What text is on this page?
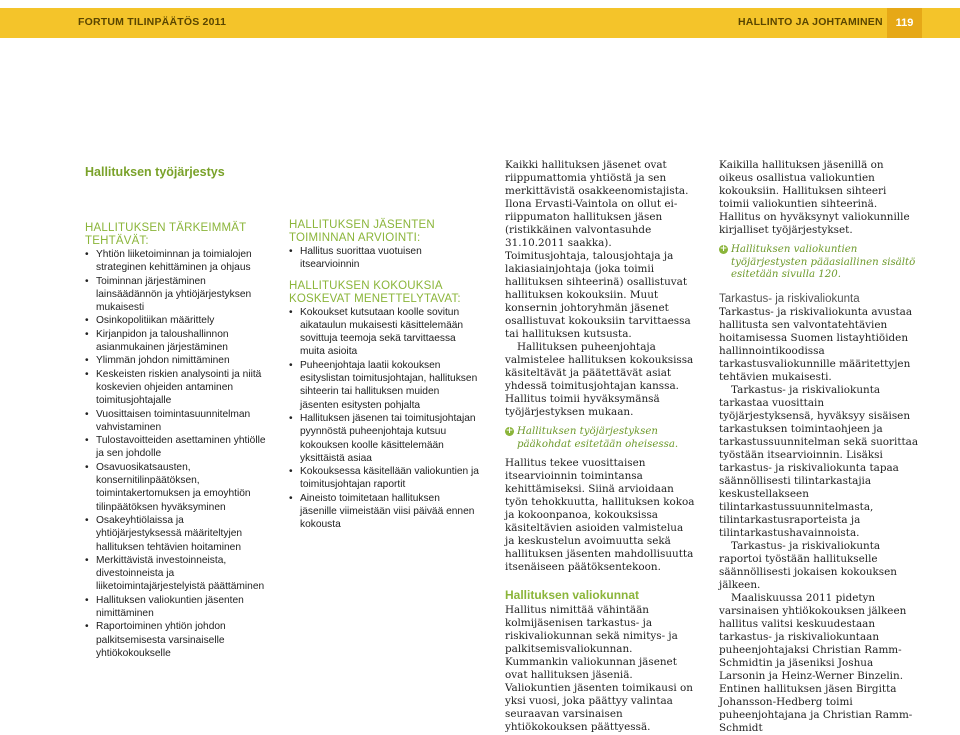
FORTUM TILINPÄÄTÖS 2011	HALLINTO JA JOHTAMINEN	119
Hallituksen työjärjestys
HALLITUKSEN TÄRKEIMMÄT TEHTÄVÄT:
• Yhtiön liiketoiminnan ja toimialojen strateginen kehittäminen ja ohjaus
• Toiminnan järjestäminen lainsäädännön ja yhtiöjärjestyksen mukaisesti
• Osinkopolitiikan määrittely
• Kirjanpidon ja taloushallinnon asianmukainen järjestäminen
• Ylimmän johdon nimittäminen
• Keskeisten riskien analysointi ja niitä koskevien ohjeiden antaminen toimitusjohtajalle
• Vuosittaisen toimintasuunnitelman vahvistaminen
• Tulostavoitteiden asettaminen yhtiölle ja sen johdolle
• Osavuosikatsausten, konsernitilinpäätöksen, toimintakertomuksen ja emoyhtiön tilinpäätöksen hyväksyminen
• Osakeyhtiölaissa ja yhtiöjärjestyksessä määriteltyjen hallituksen tehtävien hoitaminen
• Merkittävistä investoinneista, divestoinneista ja liiketoimintajärjestelyistä päättäminen
• Hallituksen valiokuntien jäsenten nimittäminen
• Raportoiminen yhtiön johdon palkitsemisesta varsinaiselle yhtiökokoukselle
HALLITUKSEN JÄSENTEN TOIMINNAN ARVIOINTI:
• Hallitus suorittaa vuotuisen itsearvioinnin
HALLITUKSEN KOKOUKSIA KOSKEVAT MENETTELYTAVAT:
• Kokoukset kutsutaan koolle sovitun aikataulun mukaisesti käsittelemään sovittuja teemoja sekä tarvittaessa muita asioita
• Puheenjohtaja laatii kokouksen esityslistan toimitusjohtajan, hallituksen sihteerin tai hallituksen muiden jäsenten esitysten pohjalta
• Hallituksen jäsenen tai toimitusjohtajan pyynnöstä puheenjohtaja kutsuu kokouksen koolle käsittelemään yksittäistä asiaa
• Kokouksessa käsitellään valiokuntien ja toimitusjohtajan raportit
• Aineisto toimitetaan hallituksen jäsenille viimeistään viisi päivää ennen kokousta

Kaikki hallituksen jäsenet ovat riippumattomia yhtiöstä ja sen merkittävistä osakkeenomistajista. Ilona Ervasti-Vaintola on ollut ei-riippumaton hallituksen jäsen (ristikkäinen valvontasuhde 31.10.2011 saakka). Toimitusjohtaja, talousjohtaja ja lakiasiainjohtaja (joka toimii hallituksen sihteerinä) osallistuvat hallituksen kokouksiin. Muut konsernin johtoryhmän jäsenet osallistuvat kokouksiin tarvittaessa tai hallituksen kutsusta.

Hallituksen puheenjohtaja valmistelee hallituksen kokouksissa käsiteltävät ja päätettävät asiat yhdessä toimitusjohtajan kanssa. Hallitus toimii hyväksymänsä työjärjestyksen mukaan.

+ Hallituksen työjärjestyksen pääkohdat esitetään oheisessa.

Hallitus tekee vuosittaisen itsearvioinnin toimintansa kehittämiseksi. Siinä arvioidaan työn tehokkuutta, hallituksen kokoa ja kokoonpanoa, kokouksissa käsiteltävien asioiden valmistelua ja keskustelun avoimuutta sekä hallituksen jäsenten mahdollisuutta itsenäiseen päätöksentekoon.

Hallituksen valiokunnat

Hallitus nimittää vähintään kolmijäsenisen tarkastus- ja riskivaliokunnan sekä nimitys- ja palkitsemisvaliokunnan. Kummankin valiokunnan jäsenet ovat hallituksen jäseniä. Valiokuntien jäsenten toimikausi on yksi vuosi, joka päättyy valintaa seuraavan varsinaisen yhtiökokouksen päättyessä.

Kaikilla hallituksen jäsenillä on oikeus osallistua valiokuntien kokouksiin. Hallituksen sihteeri toimii valiokuntien sihteerinä. Hallitus on hyväksynyt valiokunnille kirjalliset työjärjestykset.

+ Hallituksen valiokuntien työjärjestysten pääasiallinen sisältö esitetään sivulla 120.
Tarkastus- ja riskivaliokunta

Tarkastus- ja riskivaliokunta avustaa hallitusta sen valvontatehtävien hoitamisessa Suomen listayhtiöiden hallinnointikoodissa tarkastusvaliokunnille määritettyjen tehtävien mukaisesti.

Tarkastus- ja riskivaliokunta tarkastaa vuosittain työjärjestyksensä, hyväksyy sisäisen tarkastuksen toimintaohjeen ja tarkastussuunnitelman sekä suorittaa työstään itsearvioinnin. Lisäksi tarkastus- ja riskivaliokunta tapaa säännöllisesti tilintarkastajia keskustellakseen tilintarkastussuunnitelmasta, tilintarkastusraporteista ja tilintarkastushavainnoista.

Tarkastus- ja riskivaliokunta raportoi työstään hallitukselle säännöllisesti jokaisen kokouksen jälkeen.

Maaliskuussa 2011 pidetyn varsinaisen yhtiökokouksen jälkeen hallitus valitsi keskuudestaan tarkastus- ja riskivaliokuntaan puheenjohtajaksi Christian Ramm-Schmidtin ja jäseniksi Joshua Larsonin ja Heinz-Werner Binzelin. Entinen hallituksen jäsen Birgitta Johansson-Hedberg toimi puheenjohtajana ja Christian Ramm-Schmidt
